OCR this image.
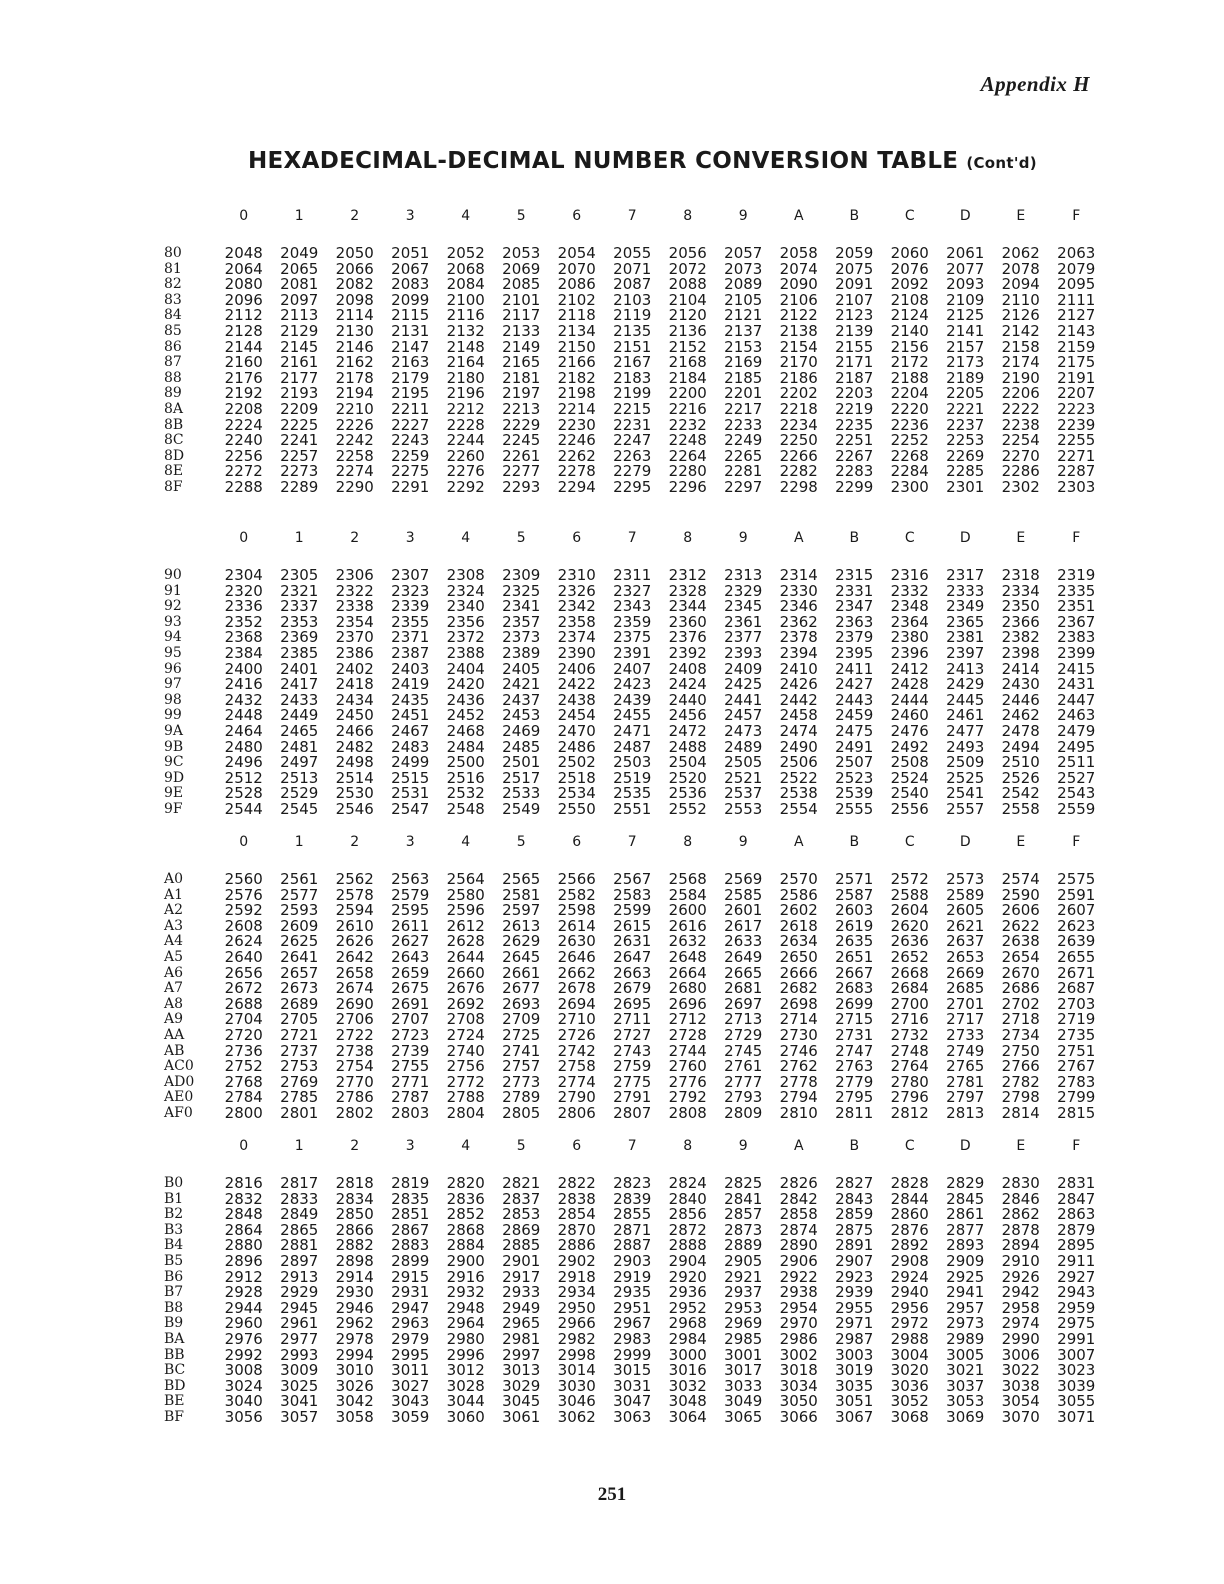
Appendix H
HEXADECIMAL-DECIMAL NUMBER CONVERSION TABLE (Cont'd)
0	1	2	3	4	5	6	7	8	9	A	B	C	D	E	F
80	2048	2049	2050	2051	2052	2053	2054	2055	2056	2057	2058	2059	2060	2061	2062	2063
81	2064	2065	2066	2067	2068	2069	2070	2071	2072	2073	2074	2075	2076	2077	2078	2079
82	2080	2081	2082	2083	2084	2085	2086	2087	2088	2089	2090	2091	2092	2093	2094	2095
83	2096	2097	2098	2099	2100	2101	2102	2103	2104	2105	2106	2107	2108	2109	2110	2111
84	2112	2113	2114	2115	2116	2117	2118	2119	2120	2121	2122	2123	2124	2125	2126	2127
85	2128	2129	2130	2131	2132	2133	2134	2135	2136	2137	2138	2139	2140	2141	2142	2143
86	2144	2145	2146	2147	2148	2149	2150	2151	2152	2153	2154	2155	2156	2157	2158	2159
87	2160	2161	2162	2163	2164	2165	2166	2167	2168	2169	2170	2171	2172	2173	2174	2175
88	2176	2177	2178	2179	2180	2181	2182	2183	2184	2185	2186	2187	2188	2189	2190	2191
89	2192	2193	2194	2195	2196	2197	2198	2199	2200	2201	2202	2203	2204	2205	2206	2207
8A	2208	2209	2210	2211	2212	2213	2214	2215	2216	2217	2218	2219	2220	2221	2222	2223
8B	2224	2225	2226	2227	2228	2229	2230	2231	2232	2233	2234	2235	2236	2237	2238	2239
8C	2240	2241	2242	2243	2244	2245	2246	2247	2248	2249	2250	2251	2252	2253	2254	2255
8D	2256	2257	2258	2259	2260	2261	2262	2263	2264	2265	2266	2267	2268	2269	2270	2271
8E	2272	2273	2274	2275	2276	2277	2278	2279	2280	2281	2282	2283	2284	2285	2286	2287
8F	2288	2289	2290	2291	2292	2293	2294	2295	2296	2297	2298	2299	2300	2301	2302	2303
0	1	2	3	4	5	6	7	8	9	A	B	C	D	E	F
90	2304	2305	2306	2307	2308	2309	2310	2311	2312	2313	2314	2315	2316	2317	2318	2319
91	2320	2321	2322	2323	2324	2325	2326	2327	2328	2329	2330	2331	2332	2333	2334	2335
92	2336	2337	2338	2339	2340	2341	2342	2343	2344	2345	2346	2347	2348	2349	2350	2351
93	2352	2353	2354	2355	2356	2357	2358	2359	2360	2361	2362	2363	2364	2365	2366	2367
94	2368	2369	2370	2371	2372	2373	2374	2375	2376	2377	2378	2379	2380	2381	2382	2383
95	2384	2385	2386	2387	2388	2389	2390	2391	2392	2393	2394	2395	2396	2397	2398	2399
96	2400	2401	2402	2403	2404	2405	2406	2407	2408	2409	2410	2411	2412	2413	2414	2415
97	2416	2417	2418	2419	2420	2421	2422	2423	2424	2425	2426	2427	2428	2429	2430	2431
98	2432	2433	2434	2435	2436	2437	2438	2439	2440	2441	2442	2443	2444	2445	2446	2447
99	2448	2449	2450	2451	2452	2453	2454	2455	2456	2457	2458	2459	2460	2461	2462	2463
9A	2464	2465	2466	2467	2468	2469	2470	2471	2472	2473	2474	2475	2476	2477	2478	2479
9B	2480	2481	2482	2483	2484	2485	2486	2487	2488	2489	2490	2491	2492	2493	2494	2495
9C	2496	2497	2498	2499	2500	2501	2502	2503	2504	2505	2506	2507	2508	2509	2510	2511
9D	2512	2513	2514	2515	2516	2517	2518	2519	2520	2521	2522	2523	2524	2525	2526	2527
9E	2528	2529	2530	2531	2532	2533	2534	2535	2536	2537	2538	2539	2540	2541	2542	2543
9F	2544	2545	2546	2547	2548	2549	2550	2551	2552	2553	2554	2555	2556	2557	2558	2559
0	1	2	3	4	5	6	7	8	9	A	B	C	D	E	F
A0	2560	2561	2562	2563	2564	2565	2566	2567	2568	2569	2570	2571	2572	2573	2574	2575
A1	2576	2577	2578	2579	2580	2581	2582	2583	2584	2585	2586	2587	2588	2589	2590	2591
A2	2592	2593	2594	2595	2596	2597	2598	2599	2600	2601	2602	2603	2604	2605	2606	2607
A3	2608	2609	2610	2611	2612	2613	2614	2615	2616	2617	2618	2619	2620	2621	2622	2623
A4	2624	2625	2626	2627	2628	2629	2630	2631	2632	2633	2634	2635	2636	2637	2638	2639
A5	2640	2641	2642	2643	2644	2645	2646	2647	2648	2649	2650	2651	2652	2653	2654	2655
A6	2656	2657	2658	2659	2660	2661	2662	2663	2664	2665	2666	2667	2668	2669	2670	2671
A7	2672	2673	2674	2675	2676	2677	2678	2679	2680	2681	2682	2683	2684	2685	2686	2687
A8	2688	2689	2690	2691	2692	2693	2694	2695	2696	2697	2698	2699	2700	2701	2702	2703
A9	2704	2705	2706	2707	2708	2709	2710	2711	2712	2713	2714	2715	2716	2717	2718	2719
AA	2720	2721	2722	2723	2724	2725	2726	2727	2728	2729	2730	2731	2732	2733	2734	2735
AB	2736	2737	2738	2739	2740	2741	2742	2743	2744	2745	2746	2747	2748	2749	2750	2751
AC0	2752	2753	2754	2755	2756	2757	2758	2759	2760	2761	2762	2763	2764	2765	2766	2767
AD0	2768	2769	2770	2771	2772	2773	2774	2775	2776	2777	2778	2779	2780	2781	2782	2783
AE0	2784	2785	2786	2787	2788	2789	2790	2791	2792	2793	2794	2795	2796	2797	2798	2799
AF0	2800	2801	2802	2803	2804	2805	2806	2807	2808	2809	2810	2811	2812	2813	2814	2815
0	1	2	3	4	5	6	7	8	9	A	B	C	D	E	F
B0	2816	2817	2818	2819	2820	2821	2822	2823	2824	2825	2826	2827	2828	2829	2830	2831
B1	2832	2833	2834	2835	2836	2837	2838	2839	2840	2841	2842	2843	2844	2845	2846	2847
B2	2848	2849	2850	2851	2852	2853	2854	2855	2856	2857	2858	2859	2860	2861	2862	2863
B3	2864	2865	2866	2867	2868	2869	2870	2871	2872	2873	2874	2875	2876	2877	2878	2879
B4	2880	2881	2882	2883	2884	2885	2886	2887	2888	2889	2890	2891	2892	2893	2894	2895
B5	2896	2897	2898	2899	2900	2901	2902	2903	2904	2905	2906	2907	2908	2909	2910	2911
B6	2912	2913	2914	2915	2916	2917	2918	2919	2920	2921	2922	2923	2924	2925	2926	2927
B7	2928	2929	2930	2931	2932	2933	2934	2935	2936	2937	2938	2939	2940	2941	2942	2943
B8	2944	2945	2946	2947	2948	2949	2950	2951	2952	2953	2954	2955	2956	2957	2958	2959
B9	2960	2961	2962	2963	2964	2965	2966	2967	2968	2969	2970	2971	2972	2973	2974	2975
BA	2976	2977	2978	2979	2980	2981	2982	2983	2984	2985	2986	2987	2988	2989	2990	2991
BB	2992	2993	2994	2995	2996	2997	2998	2999	3000	3001	3002	3003	3004	3005	3006	3007
BC	3008	3009	3010	3011	3012	3013	3014	3015	3016	3017	3018	3019	3020	3021	3022	3023
BD	3024	3025	3026	3027	3028	3029	3030	3031	3032	3033	3034	3035	3036	3037	3038	3039
BE	3040	3041	3042	3043	3044	3045	3046	3047	3048	3049	3050	3051	3052	3053	3054	3055
BF	3056	3057	3058	3059	3060	3061	3062	3063	3064	3065	3066	3067	3068	3069	3070	3071
251
